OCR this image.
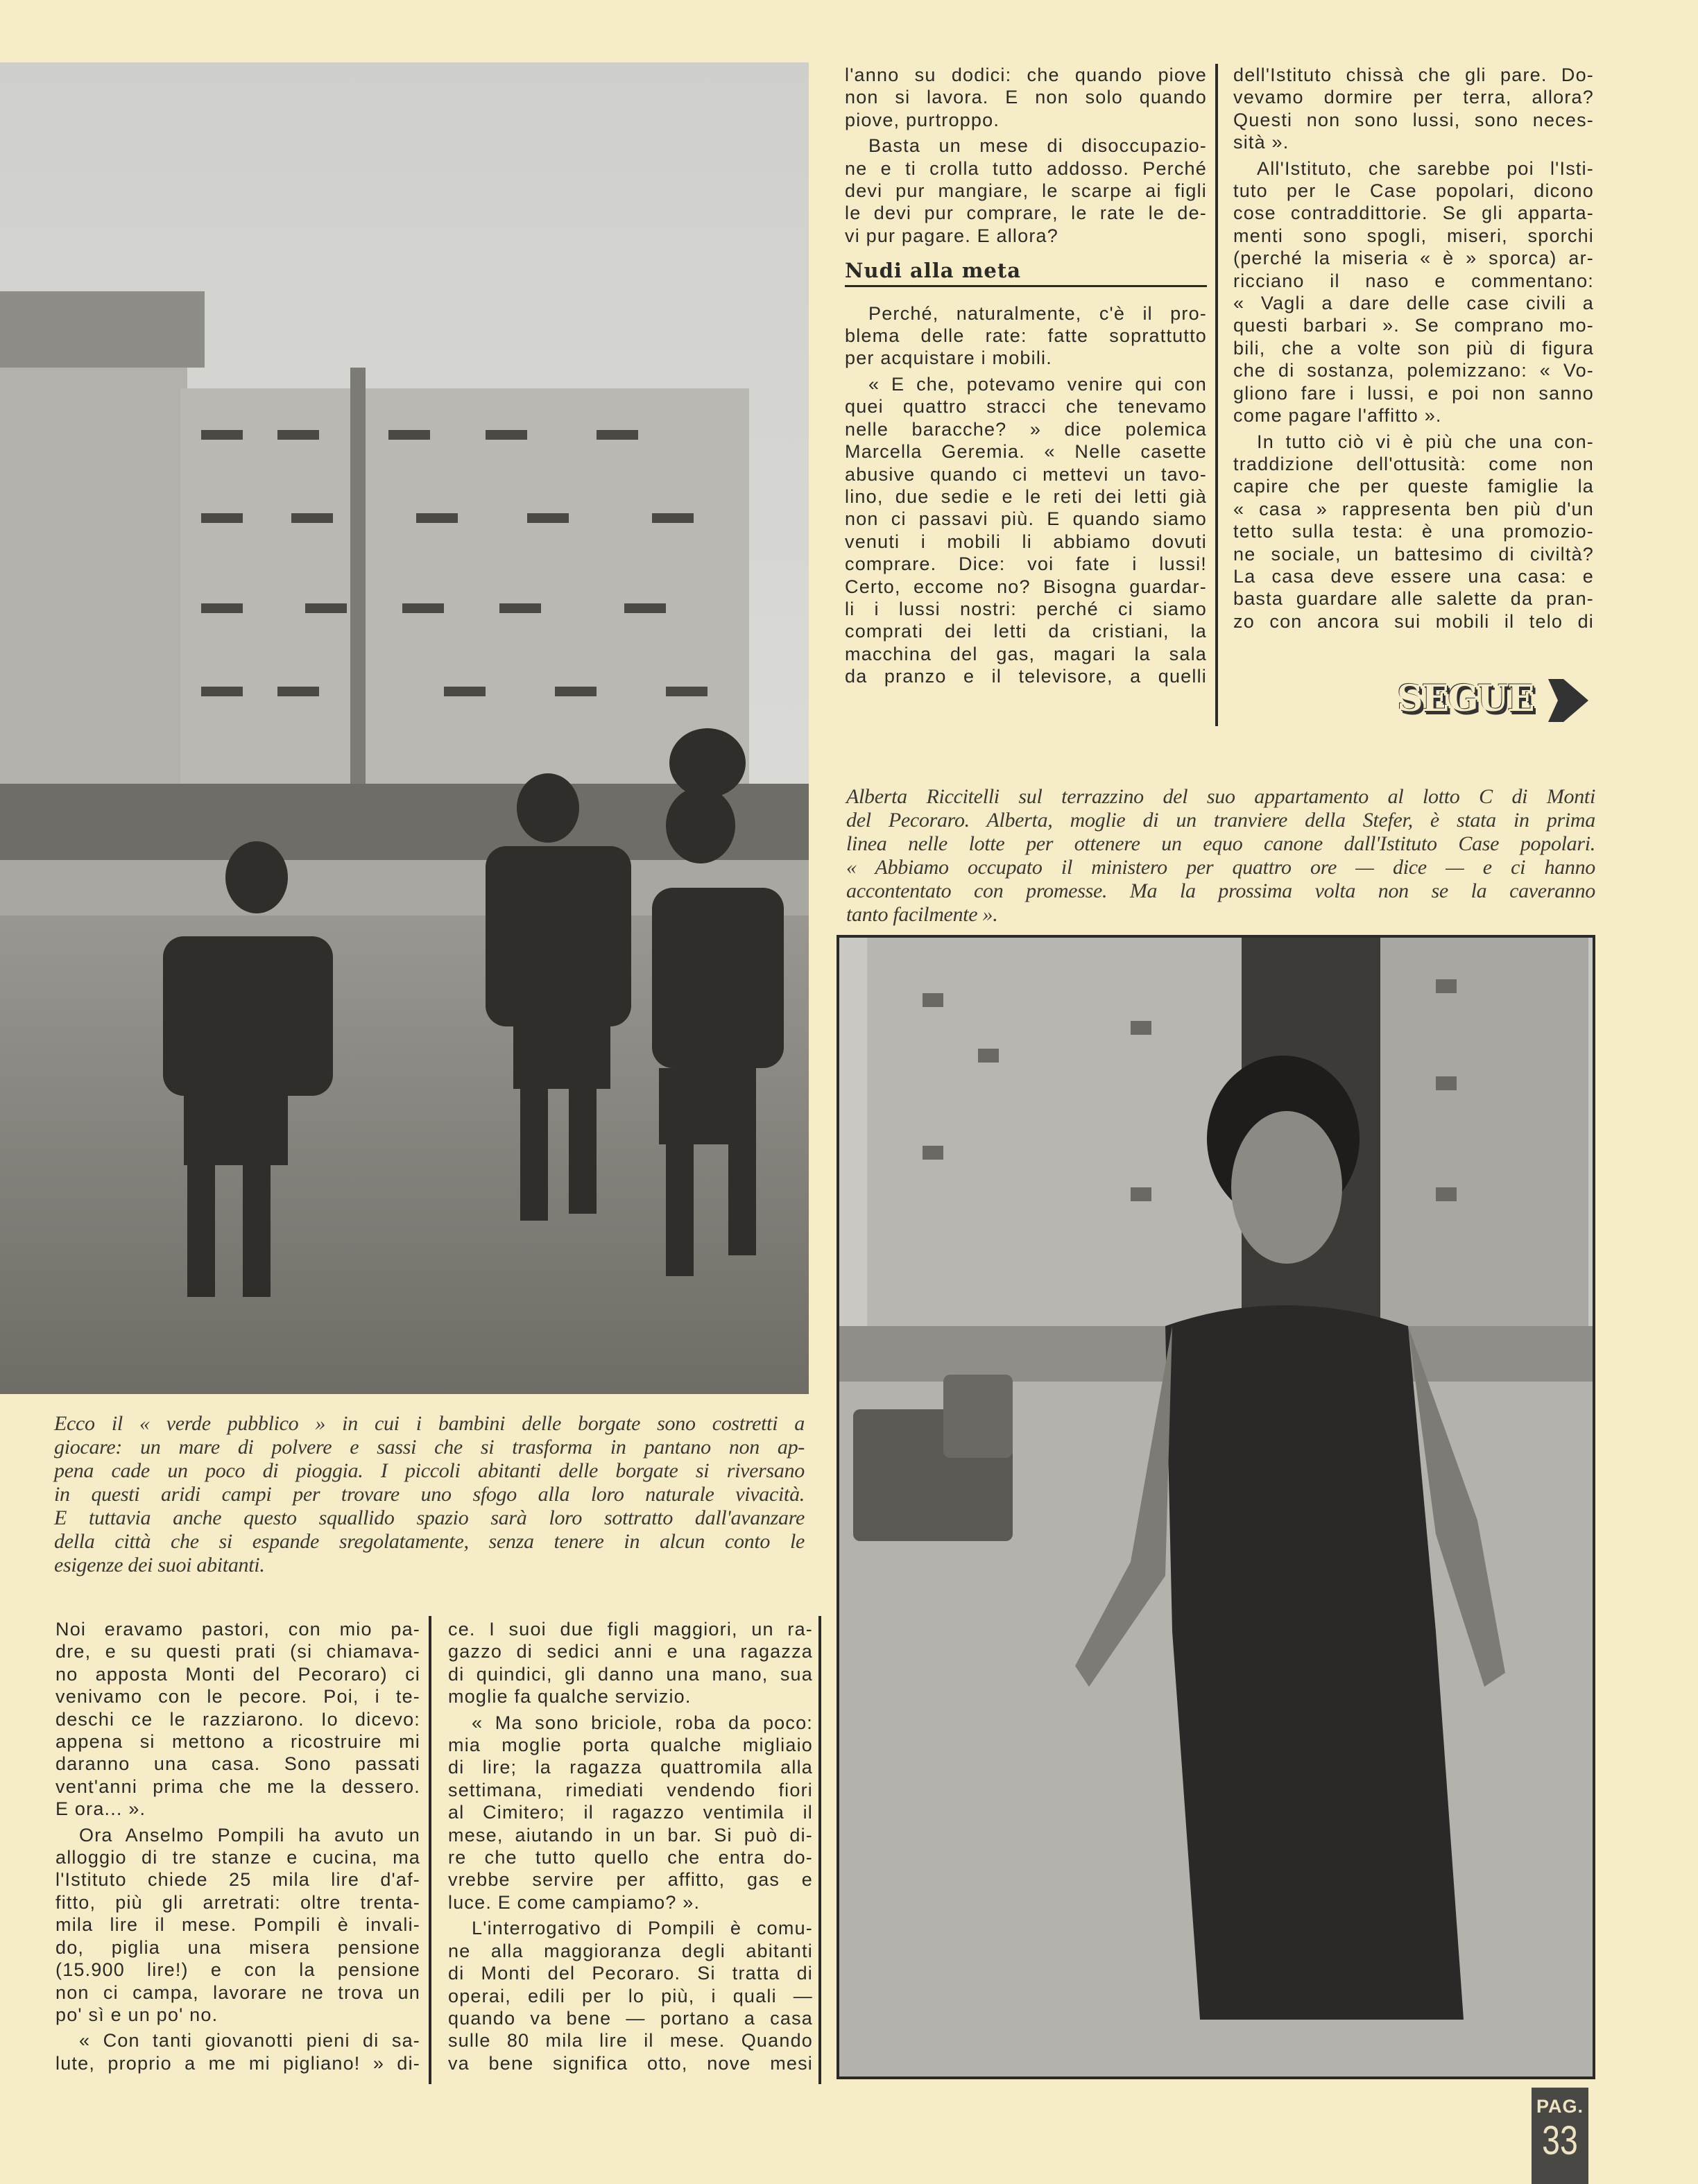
l'anno su dodici: che quando piove
non si lavora. E non solo quando
piove, purtroppo.
Basta un mese di disoccupazio-
ne e ti crolla tutto addosso. Perché
devi pur mangiare, le scarpe ai figli
le devi pur comprare, le rate le de-
vi pur pagare. E allora?
Nudi alla meta
Perché, naturalmente, c'è il pro-
blema delle rate: fatte soprattutto
per acquistare i mobili.
« E che, potevamo venire qui con
quei quattro stracci che tenevamo
nelle baracche? » dice polemica
Marcella Geremia. « Nelle casette
abusive quando ci mettevi un tavo-
lino, due sedie e le reti dei letti già
non ci passavi più. E quando siamo
venuti i mobili li abbiamo dovuti
comprare. Dice: voi fate i lussi!
Certo, eccome no? Bisogna guardar-
li i lussi nostri: perché ci siamo
comprati dei letti da cristiani, la
macchina del gas, magari la sala
da pranzo e il televisore, a quelli
dell'Istituto chissà che gli pare. Do-
vevamo dormire per terra, allora?
Questi non sono lussi, sono neces-
sità ».
All'Istituto, che sarebbe poi l'Isti-
tuto per le Case popolari, dicono
cose contraddittorie. Se gli apparta-
menti sono spogli, miseri, sporchi
(perché la miseria « è » sporca) ar-
ricciano il naso e commentano:
« Vagli a dare delle case civili a
questi barbari ». Se comprano mo-
bili, che a volte son più di figura
che di sostanza, polemizzano: « Vo-
gliono fare i lussi, e poi non sanno
come pagare l'affitto ».
In tutto ciò vi è più che una con-
traddizione dell'ottusità: come non
capire che per queste famiglie la
« casa » rappresenta ben più d'un
tetto sulla testa: è una promozio-
ne sociale, un battesimo di civiltà?
La casa deve essere una casa: e
basta guardare alle salette da pran-
zo con ancora sui mobili il telo di
SEGUE
Alberta Riccitelli sul terrazzino del suo appartamento al lotto C di Monti
del Pecoraro. Alberta, moglie di un tranviere della Stefer, è stata in prima
linea nelle lotte per ottenere un equo canone dall'Istituto Case popolari.
« Abbiamo occupato il ministero per quattro ore — dice — e ci hanno
accontentato con promesse. Ma la prossima volta non se la caveranno
tanto facilmente ».
Ecco il « verde pubblico » in cui i bambini delle borgate sono costretti a
giocare: un mare di polvere e sassi che si trasforma in pantano non ap-
pena cade un poco di pioggia. I piccoli abitanti delle borgate si riversano
in questi aridi campi per trovare uno sfogo alla loro naturale vivacità.
E tuttavia anche questo squallido spazio sarà loro sottratto dall'avanzare
della città che si espande sregolatamente, senza tenere in alcun conto le
esigenze dei suoi abitanti.
Noi eravamo pastori, con mio pa-
dre, e su questi prati (si chiamava-
no apposta Monti del Pecoraro) ci
venivamo con le pecore. Poi, i te-
deschi ce le razziarono. Io dicevo:
appena si mettono a ricostruire mi
daranno una casa. Sono passati
vent'anni prima che me la dessero.
E ora... ».
Ora Anselmo Pompili ha avuto un
alloggio di tre stanze e cucina, ma
l'Istituto chiede 25 mila lire d'af-
fitto, più gli arretrati: oltre trenta-
mila lire il mese. Pompili è invali-
do, piglia una misera pensione
(15.900 lire!) e con la pensione
non ci campa, lavorare ne trova un
po' sì e un po' no.
« Con tanti giovanotti pieni di sa-
lute, proprio a me mi pigliano! » di-
ce. I suoi due figli maggiori, un ra-
gazzo di sedici anni e una ragazza
di quindici, gli danno una mano, sua
moglie fa qualche servizio.
« Ma sono briciole, roba da poco:
mia moglie porta qualche migliaio
di lire; la ragazza quattromila alla
settimana, rimediati vendendo fiori
al Cimitero; il ragazzo ventimila il
mese, aiutando in un bar. Si può di-
re che tutto quello che entra do-
vrebbe servire per affitto, gas e
luce. E come campiamo? ».
L'interrogativo di Pompili è comu-
ne alla maggioranza degli abitanti
di Monti del Pecoraro. Si tratta di
operai, edili per lo più, i quali —
quando va bene — portano a casa
sulle 80 mila lire il mese. Quando
va bene significa otto, nove mesi
PAG.
33
